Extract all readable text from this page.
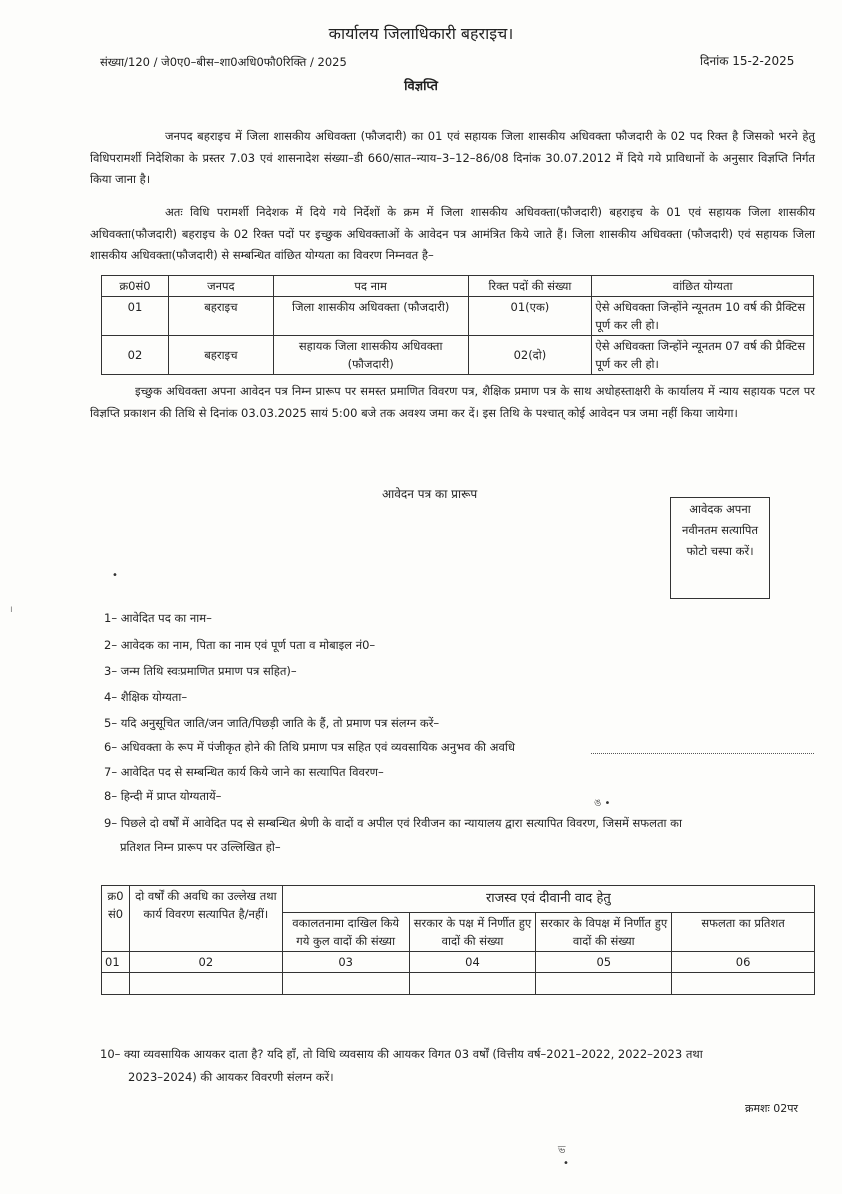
कार्यालय जिलाधिकारी बहराइच।
संख्या/120 / जे0ए0–बीस–शा0अधि0फौ0रिक्ति / 2025	दिनांक 15-2-2025
विज्ञप्ति
जनपद बहराइच में जिला शासकीय अधिवक्ता (फौजदारी) का 01 एवं सहायक जिला शासकीय अधिवक्ता फौजदारी के 02 पद रिक्त है जिसको भरने हेतु विधिपरामर्शी निदेशिका के प्रस्तर 7.03 एवं शासनादेश संख्या–डी 660/सात–न्याय–3–12–86/08 दिनांक 30.07.2012 में दिये गये प्राविधानों के अनुसार विज्ञप्ति निर्गत किया जाना है।
अतः विधि परामर्शी निदेशक में दिये गये निर्देशों के क्रम में जिला शासकीय अधिवक्ता(फौजदारी) बहराइच के 01 एवं सहायक जिला शासकीय अधिवक्ता(फौजदारी) बहराइच के 02 रिक्त पदों पर इच्छुक अधिवक्ताओं के आवेदन पत्र आमंत्रित किये जाते हैं। जिला शासकीय अधिवक्ता (फौजदारी) एवं सहायक जिला शासकीय अधिवक्ता(फौजदारी) से सम्बन्धित वांछित योग्यता का विवरण निम्नवत है–
क्र0सं0	जनपद	पद नाम	रिक्त पदों की संख्या	वांछित योग्यता
01	बहराइच	जिला शासकीय अधिवक्ता (फौजदारी)	01(एक)	ऐसे अधिवक्ता जिन्होंने न्यूनतम 10 वर्ष की प्रैक्टिस पूर्ण कर ली हो।
02	बहराइच	सहायक जिला शासकीय अधिवक्ता (फौजदारी)	02(दो)	ऐसे अधिवक्ता जिन्होंने न्यूनतम 07 वर्ष की प्रैक्टिस पूर्ण कर ली हो।
इच्छुक अधिवक्ता अपना आवेदन पत्र निम्न प्रारूप पर समस्त प्रमाणित विवरण पत्र, शैक्षिक प्रमाण पत्र के साथ अधोहस्ताक्षरी के कार्यालय में न्याय सहायक पटल पर विज्ञप्ति प्रकाशन की तिथि से दिनांक 03.03.2025 सायं 5:00 बजे तक अवश्य जमा कर दें। इस तिथि के पश्चात् कोई आवेदन पत्र जमा नहीं किया जायेगा।
आवेदन पत्र का प्रारूप
आवेदक अपना
नवीनतम सत्यापित
फोटो चस्पा करें।
•
ı
1– आवेदित पद का नाम–
2– आवेदक का नाम, पिता का नाम एवं पूर्ण पता व मोबाइल नं0–
3– जन्म तिथि स्वःप्रमाणित प्रमाण पत्र सहित)–
4– शैक्षिक योग्यता–
5– यदि अनुसूचित जाति/जन जाति/पिछड़ी जाति के हैं, तो प्रमाण पत्र संलग्न करें–
6– अधिवक्ता के रूप में पंजीकृत होने की तिथि प्रमाण पत्र सहित एवं व्यवसायिक अनुभव की अवधि
7– आवेदित पद से सम्बन्धित कार्य किये जाने का सत्यापित विवरण–
8– हिन्दी में प्राप्त योग्यतायें–
ঙ •
9– पिछले दो वर्षों में आवेदित पद से सम्बन्धित श्रेणी के वादों व अपील एवं रिवीजन का न्यायालय द्वारा सत्यापित विवरण, जिसमें सफलता का
प्रतिशत निम्न प्रारूप पर उल्लिखित हो–
क्र0
सं0	दो वर्षों की अवधि का उल्लेख तथा कार्य विवरण सत्यापित है/नहीं।	राजस्व एवं दीवानी वाद हेतु			
		वकालतनामा दाखिल किये गये कुल वादों की संख्या	सरकार के पक्ष में निर्णीत हुए वादों की संख्या	सरकार के विपक्ष में निर्णीत हुए वादों की संख्या	सफलता का प्रतिशत
01	02	03	04	05	06

10– क्या व्यवसायिक आयकर दाता है? यदि हाँ, तो विधि व्यवसाय की आयकर विगत 03 वर्षों (वित्तीय वर्ष–2021–2022, 2022–2023 तथा
2023–2024) की आयकर विवरणी संलग्न करें।
क्रमशः 02पर
ভ
•
